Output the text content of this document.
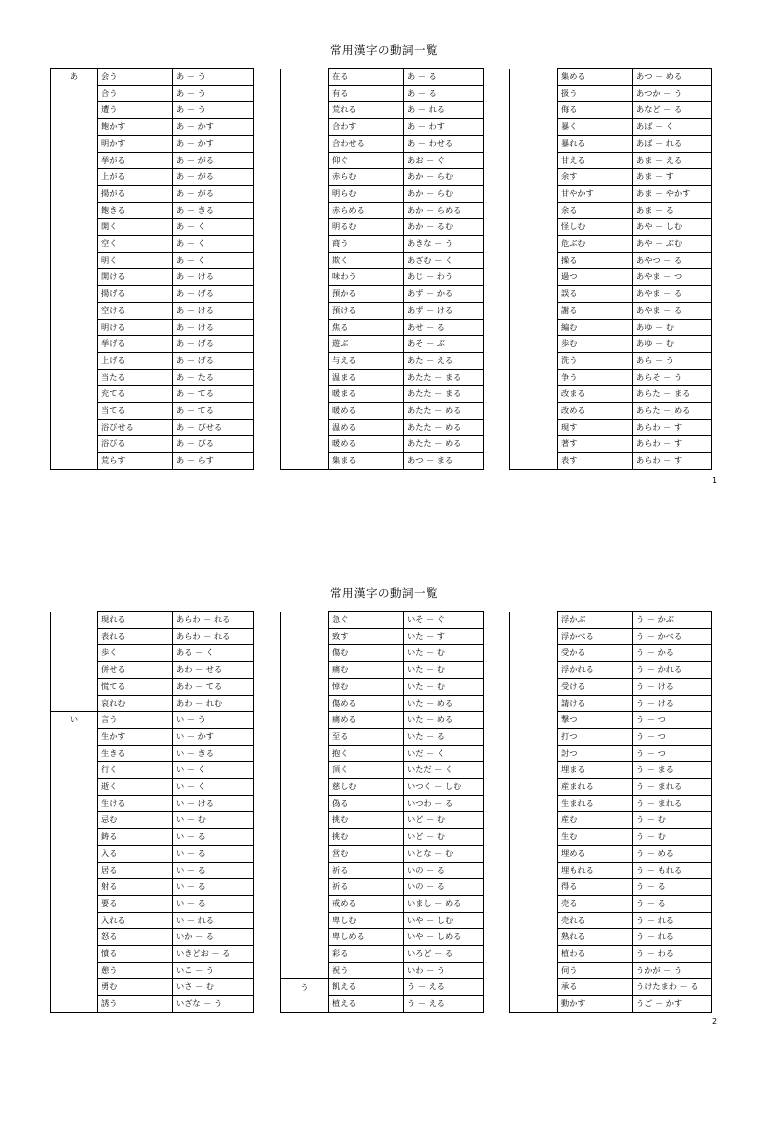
常用漢字の動詞一覧
あ	会う	あ － う
	合う	あ － う
	遭う	あ － う
	飽かす	あ － かす
	明かす	あ － かす
	挙がる	あ － がる
	上がる	あ － がる
	揚がる	あ － がる
	飽きる	あ － きる
	開く	あ － く
	空く	あ － く
	明く	あ － く
	開ける	あ － ける
	揚げる	あ － げる
	空ける	あ － ける
	明ける	あ － ける
	挙げる	あ － げる
	上げる	あ － げる
	当たる	あ － たる
	充てる	あ － てる
	当てる	あ － てる
	浴びせる	あ － びせる
	浴びる	あ － びる
	荒らす	あ － らす
	在る	あ － る
	有る	あ － る
	荒れる	あ － れる
	合わす	あ － わす
	合わせる	あ － わせる
	仰ぐ	あお － ぐ
	赤らむ	あか － らむ
	明らむ	あか － らむ
	赤らめる	あか － らめる
	明るむ	あか － るむ
	商う	あきな － う
	欺く	あざむ － く
	味わう	あじ － わう
	預かる	あず － かる
	預ける	あず － ける
	焦る	あせ － る
	遊ぶ	あそ － ぶ
	与える	あた － える
	温まる	あたた － まる
	暖まる	あたた － まる
	暖める	あたた － める
	温める	あたた － める
	暖める	あたた － める
	集まる	あつ － まる
	集める	あつ － める
	扱う	あつか － う
	侮る	あなど － る
	暴く	あば － く
	暴れる	あば － れる
	甘える	あま － える
	余す	あま － す
	甘やかす	あま － やかす
	余る	あま － る
	怪しむ	あや － しむ
	危ぶむ	あや － ぶむ
	操る	あやつ － る
	過つ	あやま － つ
	誤る	あやま － る
	謝る	あやま － る
	編む	あゆ － む
	歩む	あゆ － む
	洗う	あら － う
	争う	あらそ － う
	改まる	あらた － まる
	改める	あらた － める
	現す	あらわ － す
	著す	あらわ － す
	表す	あらわ － す
常用漢字の動詞一覧
	現れる	あらわ － れる
	表れる	あらわ － れる
	歩く	ある － く
	併せる	あわ － せる
	慌てる	あわ － てる
	哀れむ	あわ － れむ
い	言う	い － う
	生かす	い － かす
	生きる	い － きる
	行く	い － く
	逝く	い － く
	生ける	い － ける
	忌む	い － む
	鋳る	い － る
	入る	い － る
	居る	い － る
	射る	い － る
	要る	い － る
	入れる	い － れる
	怒る	いか － る
	憤る	いきどお － る
	憩う	いこ － う
	勇む	いさ － む
	誘う	いざな － う
	急ぐ	いそ － ぐ
	致す	いた － す
	傷む	いた － む
	痛む	いた － む
	悼む	いた － む
	傷める	いた － める
	痛める	いた － める
	至る	いた － る
	抱く	いだ － く
	頂く	いただ － く
	慈しむ	いつく － しむ
	偽る	いつわ － る
	挑む	いど － む
	挑む	いど － む
	営む	いとな － む
	祈る	いの － る
	祈る	いの － る
	戒める	いまし － める
	卑しむ	いや － しむ
	卑しめる	いや － しめる
	彩る	いろど － る
	祝う	いわ － う
う	飢える	う － える
	植える	う － える
	浮かぶ	う － かぶ
	浮かべる	う － かべる
	受かる	う － かる
	浮かれる	う － かれる
	受ける	う － ける
	請ける	う － ける
	撃つ	う － つ
	打つ	う － つ
	討つ	う － つ
	埋まる	う － まる
	産まれる	う － まれる
	生まれる	う － まれる
	産む	う － む
	生む	う － む
	埋める	う － める
	埋もれる	う － もれる
	得る	う － る
	売る	う － る
	売れる	う － れる
	熟れる	う － れる
	植わる	う － わる
	伺う	うかが － う
	承る	うけたまわ － る
	動かす	うご － かす
1
2
